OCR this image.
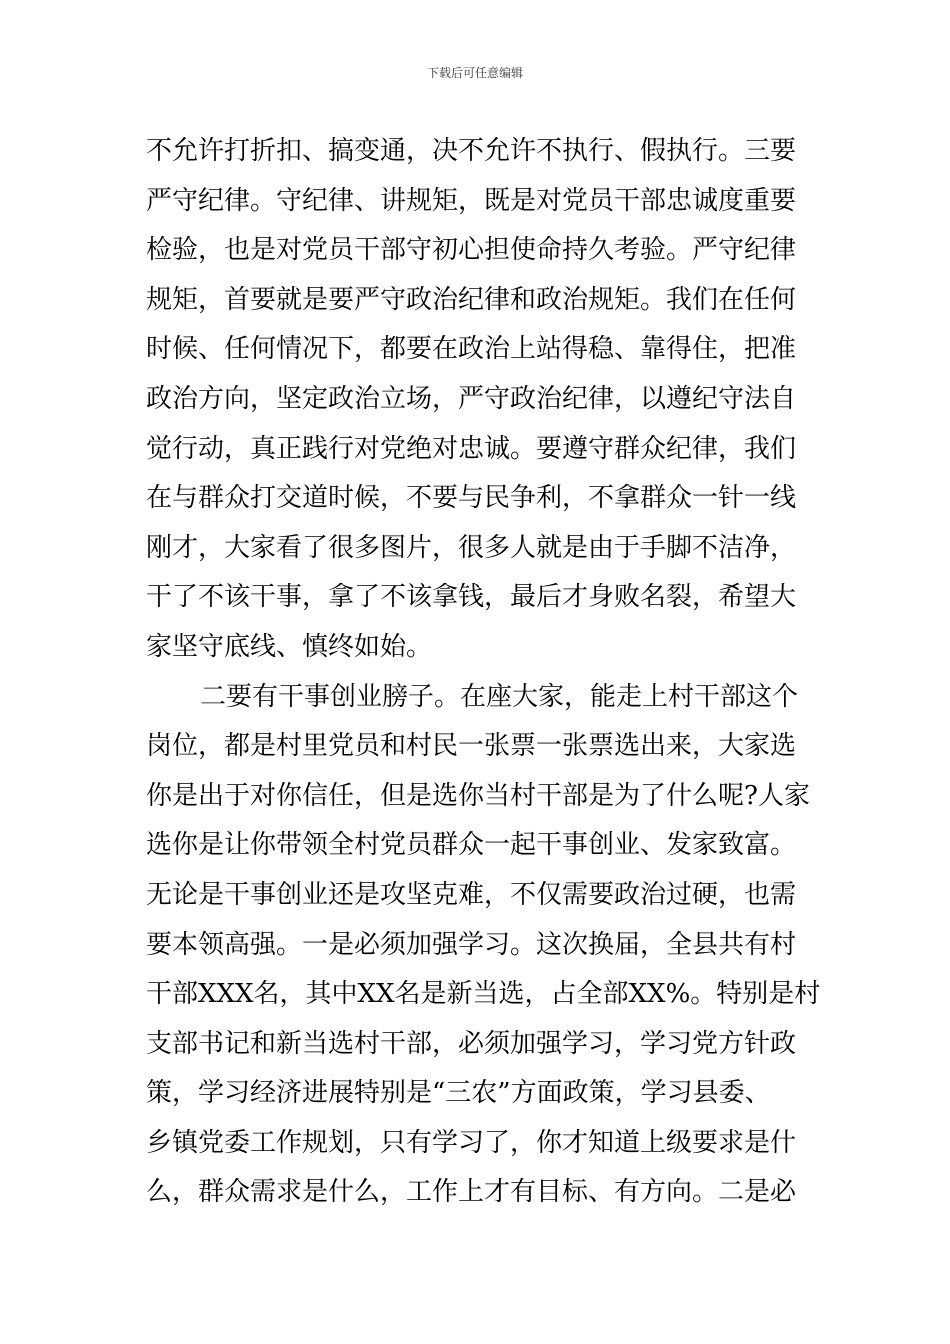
下载后可任意编辑
不允许打折扣、搞变通，决不允许不执行、假执行。三要
严守纪律。守纪律、讲规矩，既是对党员干部忠诚度重要
检验，也是对党员干部守初心担使命持久考验。严守纪律
规矩，首要就是要严守政治纪律和政治规矩。我们在任何
时候、任何情况下，都要在政治上站得稳、靠得住，把准
政治方向，坚定政治立场，严守政治纪律，以遵纪守法自
觉行动，真正践行对党绝对忠诚。要遵守群众纪律，我们
在与群众打交道时候，不要与民争利，不拿群众一针一线
刚才，大家看了很多图片，很多人就是由于手脚不洁净，
干了不该干事，拿了不该拿钱，最后才身败名裂，希望大
家坚守底线、慎终如始。
二要有干事创业膀子。在座大家，能走上村干部这个
岗位，都是村里党员和村民一张票一张票选出来，大家选
你是出于对你信任，但是选你当村干部是为了什么呢?人家
选你是让你带领全村党员群众一起干事创业、发家致富。
无论是干事创业还是攻坚克难，不仅需要政治过硬，也需
要本领高强。一是必须加强学习。这次换届，全县共有村
干部XXX名，其中XX名是新当选，占全部XX%。特别是村
支部书记和新当选村干部，必须加强学习，学习党方针政
策，学习经济进展特别是“三农”方面政策，学习县委、
乡镇党委工作规划，只有学习了，你才知道上级要求是什
么，群众需求是什么，工作上才有目标、有方向。二是必
